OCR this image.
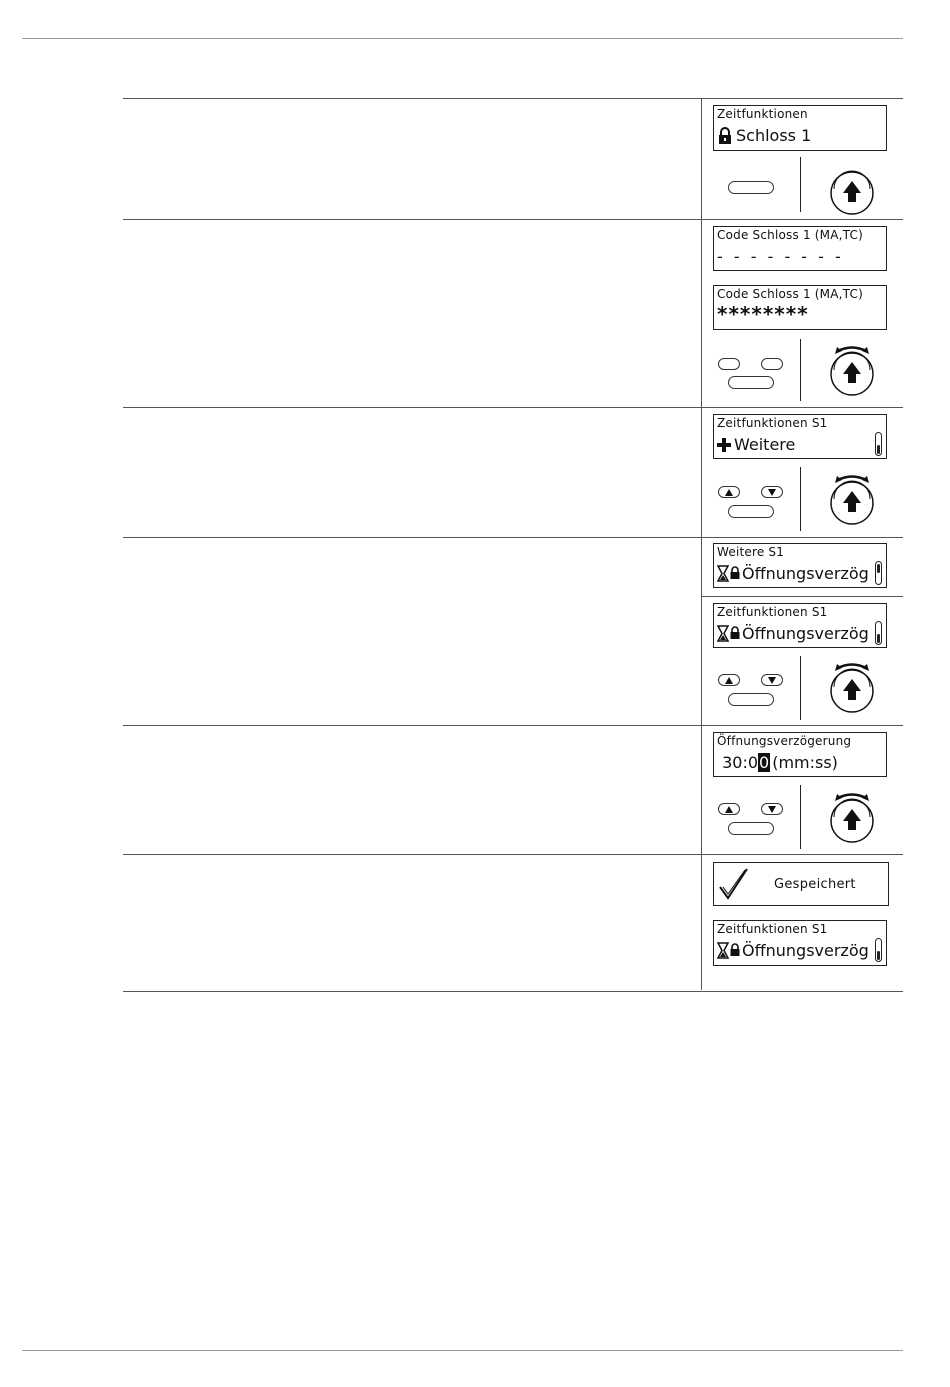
Zeitfunktionen
Schloss 1
Code Schloss 1 (MA,TC)
- - - - - - - -
Code Schloss 1 (MA,TC)
********
Zeitfunktionen S1
Weitere
Weitere S1
Öffnungsverzög
Zeitfunktionen S1
Öffnungsverzög
Öffnungsverzögerung
30:0 0 (mm:ss)
Gespeichert
Zeitfunktionen S1
Öffnungsverzög
